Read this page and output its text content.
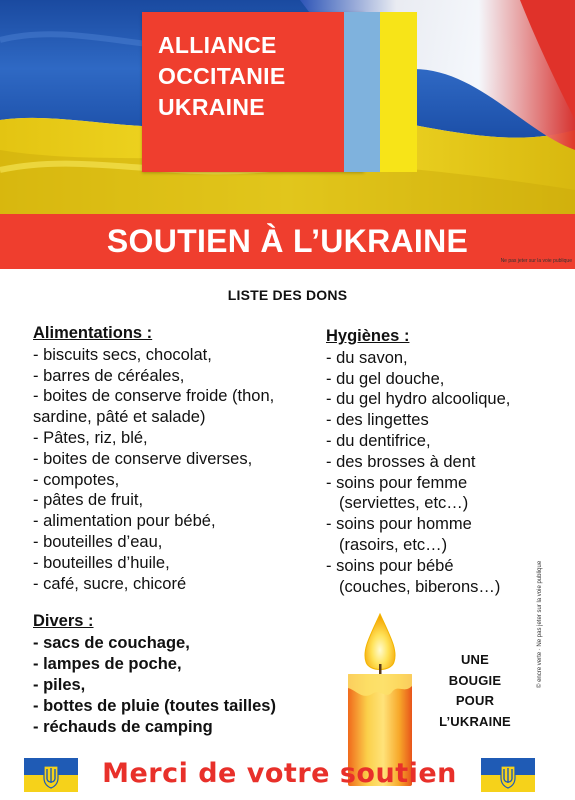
ALLIANCE
OCCITANIE
UKRAINE
SOUTIEN À L’UKRAINE
Ne pas jeter sur la voie publique
LISTE DES DONS
Alimentations :
- biscuits secs, chocolat,
- barres de céréales,
- boites de conserve froide (thon,
sardine, pâté et salade)
- Pâtes, riz, blé,
- boites de conserve diverses,
- compotes,
- pâtes de fruit,
- alimentation pour bébé,
- bouteilles d’eau,
- bouteilles d’huile,
- café, sucre, chicoré
Hygiènes :
- du savon,
- du gel douche,
- du gel hydro alcoolique,
- des lingettes
- du dentifrice,
- des brosses à dent
- soins pour femme
(serviettes, etc…)
- soins pour homme
(rasoirs, etc…)
- soins pour bébé
(couches, biberons…)
Divers :
- sacs de couchage,
- lampes de poche,
- piles,
- bottes de pluie (toutes tailles)
- réchauds de camping
UNE
BOUGIE
POUR
L’UKRAINE
© encre verte · Ne pas jeter sur la voie publique
Merci de votre soutien
